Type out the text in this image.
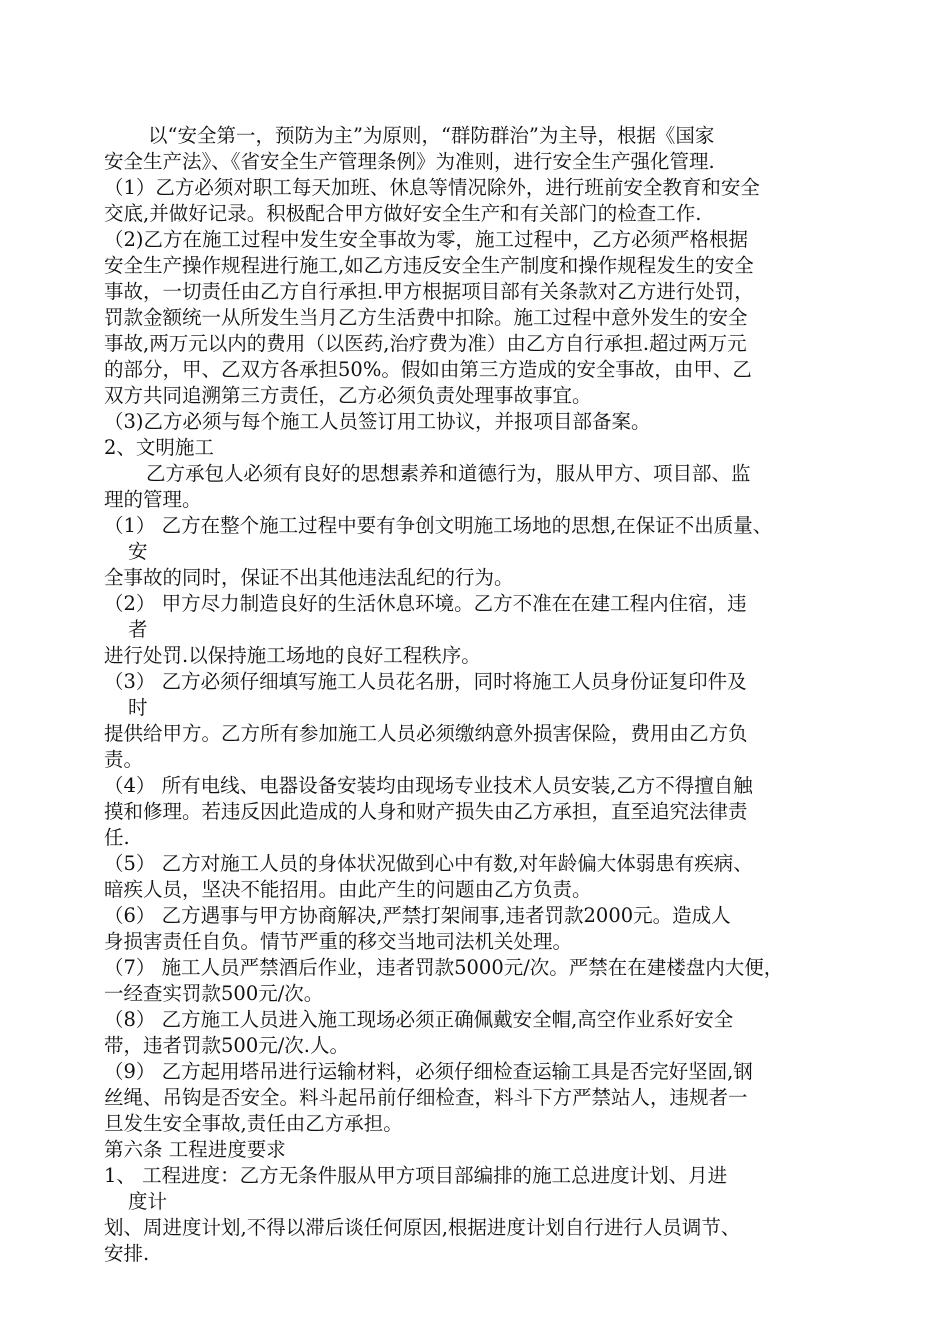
以“安全第一，预防为主”为原则，“群防群治”为主导，根据《国家
安全生产法》、《省安全生产管理条例》为准则，进行安全生产强化管理.
（1）乙方必须对职工每天加班、休息等情况除外，进行班前安全教育和安全
交底,并做好记录。积极配合甲方做好安全生产和有关部门的检查工作.
（2)乙方在施工过程中发生安全事故为零，施工过程中，乙方必须严格根据
安全生产操作规程进行施工,如乙方违反安全生产制度和操作规程发生的安全
事故，一切责任由乙方自行承担.甲方根据项目部有关条款对乙方进行处罚，
罚款金额统一从所发生当月乙方生活费中扣除。施工过程中意外发生的安全
事故,两万元以内的费用（以医药,治疗费为准）由乙方自行承担.超过两万元
的部分，甲、乙双方各承担50%。假如由第三方造成的安全事故，由甲、乙
双方共同追溯第三方责任，乙方必须负责处理事故事宜。
（3)乙方必须与每个施工人员签订用工协议，并报项目部备案。
2、文明施工
乙方承包人必须有良好的思想素养和道德行为，服从甲方、项目部、监
理的管理。
（1） 乙方在整个施工过程中要有争创文明施工场地的思想,在保证不出质量、
安
全事故的同时，保证不出其他违法乱纪的行为。
（2） 甲方尽力制造良好的生活休息环境。乙方不准在在建工程内住宿，违
者
进行处罚.以保持施工场地的良好工程秩序。
（3） 乙方必须仔细填写施工人员花名册，同时将施工人员身份证复印件及
时
提供给甲方。乙方所有参加施工人员必须缴纳意外损害保险，费用由乙方负
责。
（4） 所有电线、电器设备安装均由现场专业技术人员安装,乙方不得擅自触
摸和修理。若违反因此造成的人身和财产损失由乙方承担，直至追究法律责
任.
（5） 乙方对施工人员的身体状况做到心中有数,对年龄偏大体弱患有疾病、
暗疾人员，坚决不能招用。由此产生的问题由乙方负责。
（6） 乙方遇事与甲方协商解决,严禁打架闹事,违者罚款2000元。造成人
身损害责任自负。情节严重的移交当地司法机关处理。
（7） 施工人员严禁酒后作业，违者罚款5000元/次。严禁在在建楼盘内大便，
一经查实罚款500元/次。
（8） 乙方施工人员进入施工现场必须正确佩戴安全帽,高空作业系好安全
带，违者罚款500元/次.人。
（9） 乙方起用塔吊进行运输材料，必须仔细检查运输工具是否完好坚固,钢
丝绳、吊钩是否安全。料斗起吊前仔细检查，料斗下方严禁站人，违规者一
旦发生安全事故,责任由乙方承担。
第六条 工程进度要求
1、 工程进度：乙方无条件服从甲方项目部编排的施工总进度计划、月进
度计
划、周进度计划,不得以滞后谈任何原因,根据进度计划自行进行人员调节、
安排.
